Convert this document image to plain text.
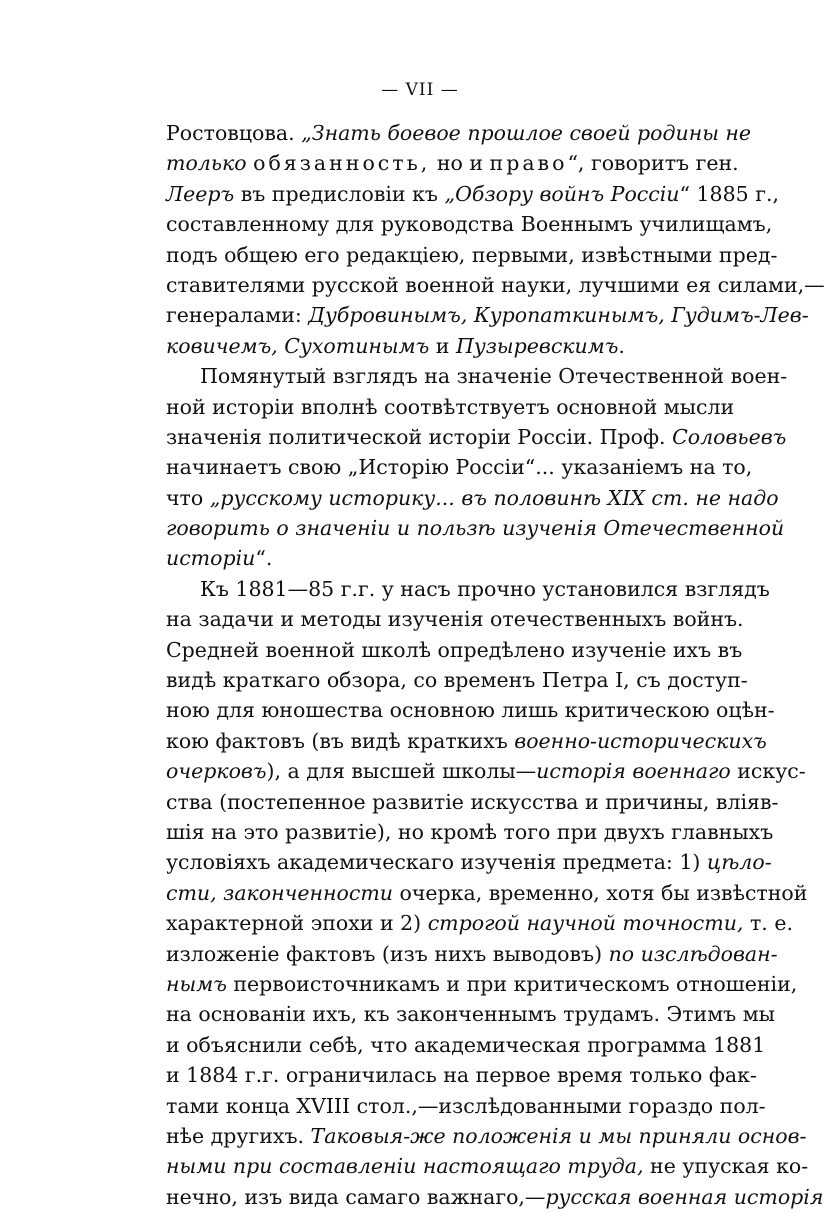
— VII —
Ростовцова. „Знать боевое прошлое своей родины не
только обязанность, но и право“, говоритъ ген.
Лееръ въ предисловіи къ „Обзору войнъ Россіи“ 1885 г.,
составленному для руководства Военнымъ училищамъ,
подъ общею его редакціею, первыми, извѣстными пред-
ставителями русской военной науки, лучшими ея силами,—
генералами: Дубровинымъ, Куропаткинымъ, Гудимъ-Лев-
ковичемъ, Сухотинымъ и Пузыревскимъ.
Помянутый взглядъ на значеніе Отечественной воен-
ной исторіи вполнѣ соотвѣтствуетъ основной мысли
значенія политической исторіи Россіи. Проф. Соловьевъ
начинаетъ свою „Исторію Россіи“... указаніемъ на то,
что „русскому историку... въ половинѣ XIX ст. не надо
говорить о значеніи и пользѣ изученія Отечественной
исторіи“.
Къ 1881—85 г.г. у насъ прочно установился взглядъ
на задачи и методы изученія отечественныхъ войнъ.
Средней военной школѣ опредѣлено изученіе ихъ въ
видѣ краткаго обзора, со временъ Петра I, съ доступ-
ною для юношества основною лишь критическою оцѣн-
кою фактовъ (въ видѣ краткихъ военно-историческихъ
очерковъ), а для высшей школы—исторія военнаго искус-
ства (постепенное развитіе искусства и причины, вліяв-
шія на это развитіе), но кромѣ того при двухъ главныхъ
условіяхъ академическаго изученія предмета: 1) цѣло-
сти, законченности очерка, временно, хотя бы извѣстной
характерной эпохи и 2) строгой научной точности, т. е.
изложеніе фактовъ (изъ нихъ выводовъ) по изслѣдован-
нымъ первоисточникамъ и при критическомъ отношеніи,
на основаніи ихъ, къ законченнымъ трудамъ. Этимъ мы
и объяснили себѣ, что академическая программа 1881
и 1884 г.г. ограничилась на первое время только фак-
тами конца XVIII стол.,—изслѣдованными гораздо пол-
нѣе другихъ. Таковыя-же положенія и мы приняли основ-
ными при составленіи настоящаго труда, не упуская ко-
нечно, изъ вида самаго важнаго,—русская военная исторія
